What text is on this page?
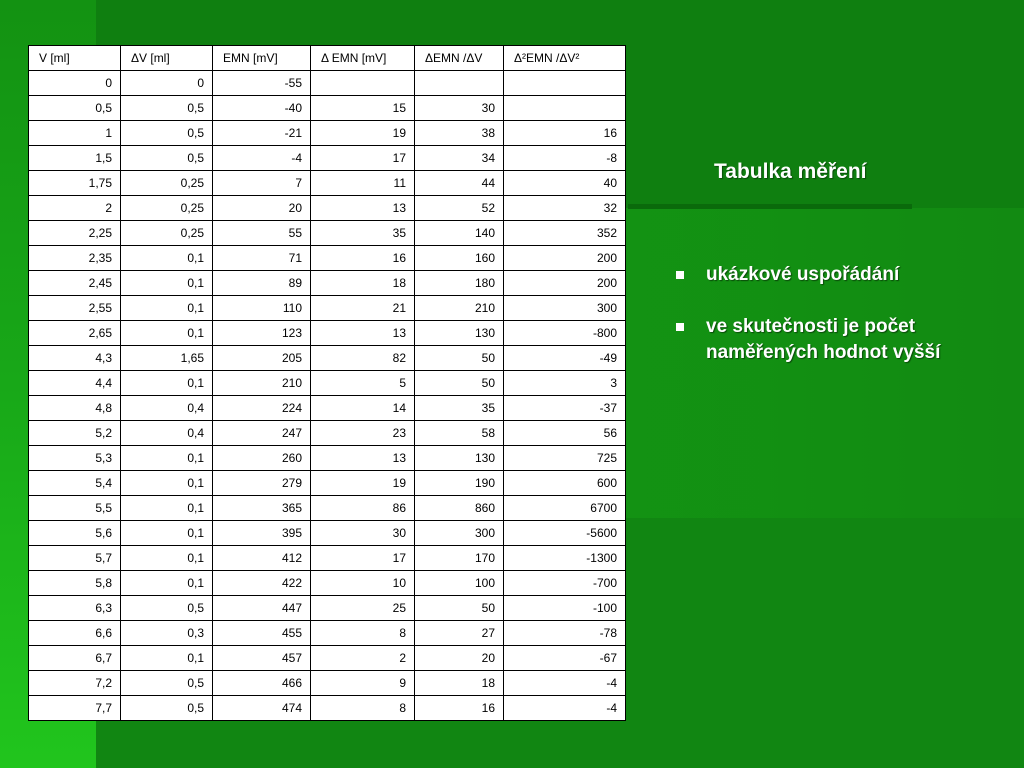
V [ml]	ΔV [ml]	EMN [mV]	Δ EMN [mV]	ΔEMN /ΔV	Δ²EMN /ΔV²
0	0	-55			
0,5	0,5	-40	15	30	
1	0,5	-21	19	38	16
1,5	0,5	-4	17	34	-8
1,75	0,25	7	11	44	40
2	0,25	20	13	52	32
2,25	0,25	55	35	140	352
2,35	0,1	71	16	160	200
2,45	0,1	89	18	180	200
2,55	0,1	110	21	210	300
2,65	0,1	123	13	130	-800
4,3	1,65	205	82	50	-49
4,4	0,1	210	5	50	3
4,8	0,4	224	14	35	-37
5,2	0,4	247	23	58	56
5,3	0,1	260	13	130	725
5,4	0,1	279	19	190	600
5,5	0,1	365	86	860	6700
5,6	0,1	395	30	300	-5600
5,7	0,1	412	17	170	-1300
5,8	0,1	422	10	100	-700
6,3	0,5	447	25	50	-100
6,6	0,3	455	8	27	-78
6,7	0,1	457	2	20	-67
7,2	0,5	466	9	18	-4
7,7	0,5	474	8	16	-4
Tabulka měření
ukázkové uspořádání
ve skutečnosti je počet naměřených hodnot vyšší
